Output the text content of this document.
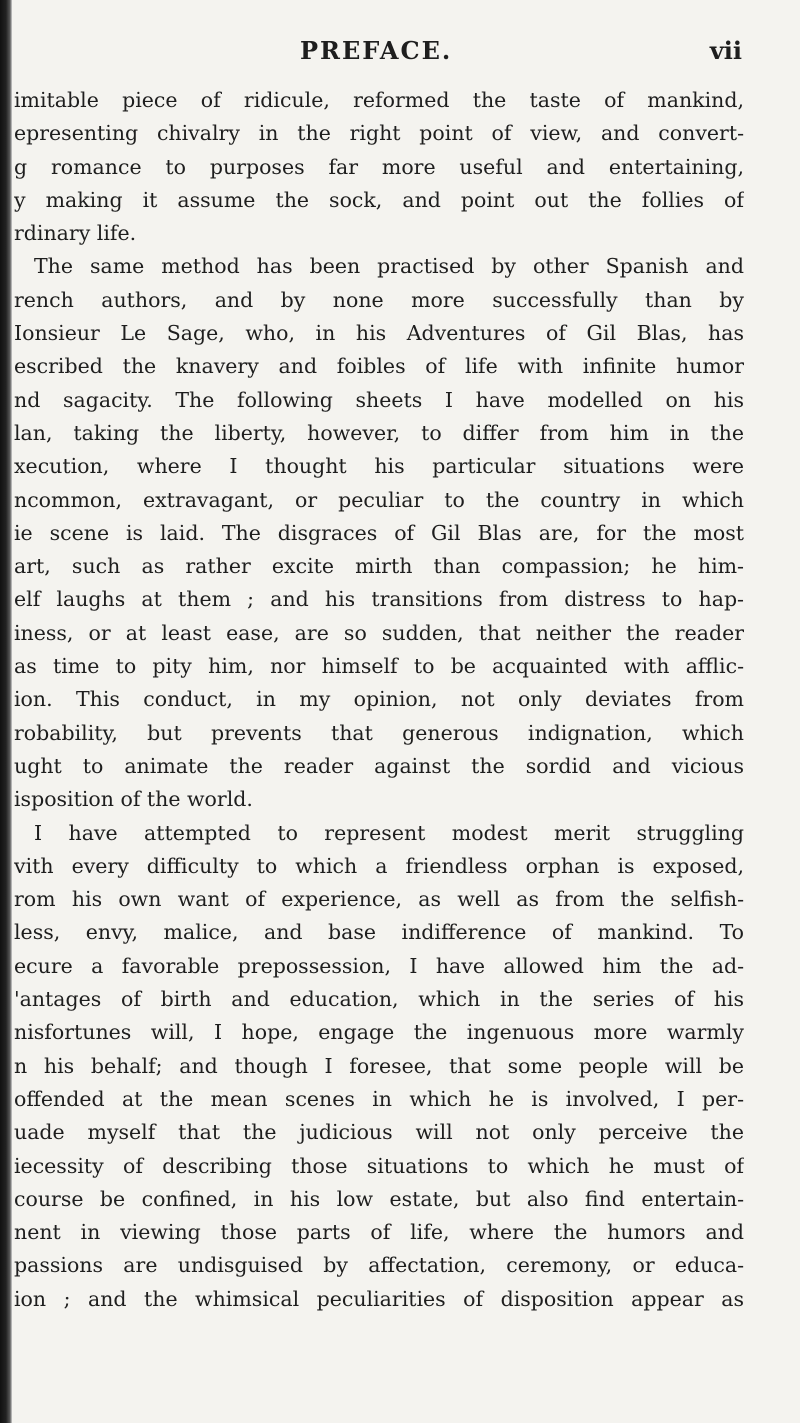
PREFACE.	vii
imitable piece of ridicule, reformed the taste of mankind,
epresenting chivalry in the right point of view, and convert-
g romance to purposes far more useful and entertaining,
y making it assume the sock, and point out the follies of
rdinary life.
The same method has been practised by other Spanish and
rench authors, and by none more successfully than by
Ionsieur Le Sage, who, in his Adventures of Gil Blas, has
escribed the knavery and foibles of life with infinite humor
nd sagacity. The following sheets I have modelled on his
lan, taking the liberty, however, to differ from him in the
xecution, where I thought his particular situations were
ncommon, extravagant, or peculiar to the country in which
ie scene is laid. The disgraces of Gil Blas are, for the most
art, such as rather excite mirth than compassion; he him-
elf laughs at them ; and his transitions from distress to hap-
iness, or at least ease, are so sudden, that neither the reader
as time to pity him, nor himself to be acquainted with afflic-
ion. This conduct, in my opinion, not only deviates from
robability, but prevents that generous indignation, which
ught to animate the reader against the sordid and vicious
isposition of the world.
I have attempted to represent modest merit struggling
vith every difficulty to which a friendless orphan is exposed,
rom his own want of experience, as well as from the selfish-
less, envy, malice, and base indifference of mankind. To
ecure a favorable prepossession, I have allowed him the ad-
'antages of birth and education, which in the series of his
nisfortunes will, I hope, engage the ingenuous more warmly
n his behalf; and though I foresee, that some people will be
offended at the mean scenes in which he is involved, I per-
uade myself that the judicious will not only perceive the
iecessity of describing those situations to which he must of
course be confined, in his low estate, but also find entertain-
nent in viewing those parts of life, where the humors and
passions are undisguised by affectation, ceremony, or educa-
ion ; and the whimsical peculiarities of disposition appear as
